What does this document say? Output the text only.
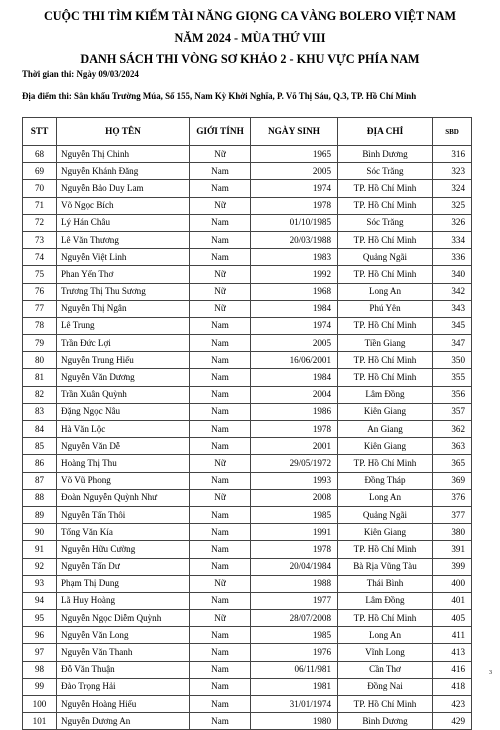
CUỘC THI TÌM KIẾM TÀI NĂNG GIỌNG CA VÀNG BOLERO VIỆT NAM
NĂM 2024 - MÙA THỨ VIII
DANH SÁCH THI VÒNG SƠ KHẢO 2 - KHU VỰC PHÍA NAM
Thời gian thi: Ngày 09/03/2024
Địa điểm thi: Sân khấu Trường Múa, Số 155, Nam Kỳ Khởi Nghĩa, P. Võ Thị Sáu, Q.3, TP. Hồ Chí Minh
STT	HỌ TÊN	GIỚI TÍNH	NGÀY SINH	ĐỊA CHỈ	SBD
68	Nguyễn Thị Chinh	Nữ	1965	Bình Dương	316
69	Nguyễn Khánh Đăng	Nam	2005	Sóc Trăng	323
70	Nguyễn Bảo Duy Lam	Nam	1974	TP. Hồ Chí Minh	324
71	Võ Ngọc Bích	Nữ	1978	TP. Hồ Chí Minh	325
72	Lý Hán Châu	Nam	01/10/1985	Sóc Trăng	326
73	Lê Văn Thương	Nam	20/03/1988	TP. Hồ Chí Minh	334
74	Nguyễn Việt Linh	Nam	1983	Quảng Ngãi	336
75	Phan Yến Thơ	Nữ	1992	TP. Hồ Chí Minh	340
76	Trương Thị Thu Sương	Nữ	1968	Long An	342
77	Nguyễn Thị Ngân	Nữ	1984	Phú Yên	343
78	Lê Trung	Nam	1974	TP. Hồ Chí Minh	345
79	Trần Đức Lợi	Nam	2005	Tiền Giang	347
80	Nguyễn Trung Hiếu	Nam	16/06/2001	TP. Hồ Chí Minh	350
81	Nguyễn Văn Dương	Nam	1984	TP. Hồ Chí Minh	355
82	Trần Xuân Quỳnh	Nam	2004	Lâm Đồng	356
83	Đặng Ngọc Nâu	Nam	1986	Kiên Giang	357
84	Hà Văn Lộc	Nam	1978	An Giang	362
85	Nguyễn Văn Dễ	Nam	2001	Kiên Giang	363
86	Hoàng Thị Thu	Nữ	29/05/1972	TP. Hồ Chí Minh	365
87	Võ Vũ Phong	Nam	1993	Đồng Tháp	369
88	Đoàn Nguyễn Quỳnh Như	Nữ	2008	Long An	376
89	Nguyễn Tấn Thôi	Nam	1985	Quảng Ngãi	377
90	Tống Văn Kía	Nam	1991	Kiên Giang	380
91	Nguyễn Hữu Cường	Nam	1978	TP. Hồ Chí Minh	391
92	Nguyễn Tấn Dư	Nam	20/04/1984	Bà Rịa Vũng Tàu	399
93	Phạm Thị Dung	Nữ	1988	Thái Bình	400
94	Lã Huy Hoàng	Nam	1977	Lâm Đồng	401
95	Nguyễn Ngọc Diễm Quỳnh	Nữ	28/07/2008	TP. Hồ Chí Minh	405
96	Nguyễn Văn Long	Nam	1985	Long An	411
97	Nguyễn Văn Thanh	Nam	1976	Vĩnh Long	413
98	Đỗ Văn Thuận	Nam	06/11/981	Cần Thơ	416
99	Đào Trọng Hải	Nam	1981	Đồng Nai	418
100	Nguyễn Hoàng Hiếu	Nam	31/01/1974	TP. Hồ Chí Minh	423
101	Nguyễn Dương An	Nam	1980	Bình Dương	429
3
